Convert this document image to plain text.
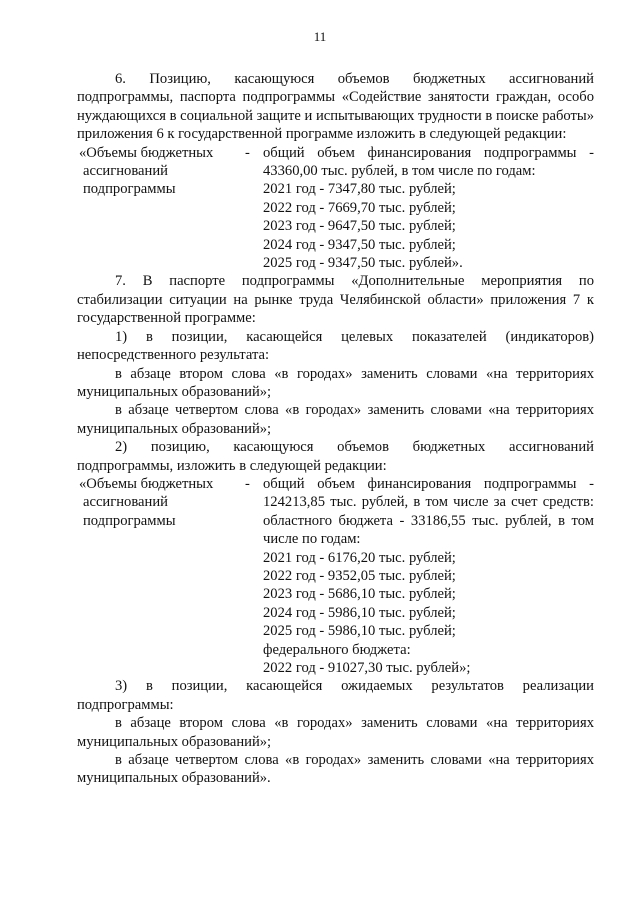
11

6. Позицию, касающуюся объемов бюджетных ассигнований

подпрограммы, паспорта подпрограммы «Содействие занятости граждан, особо нуждающихся в социальной защите и испытывающих трудности в поиске работы» приложения 6 к государственной программе изложить в следующей редакции:

«Объемы бюджетных
ассигнований
подпрограммы
- общий объем финансирования подпрограммы -
43360,00 тыс. рублей, в том числе по годам:
2021 год - 7347,80 тыс. рублей;
2022 год - 7669,70 тыс. рублей;
2023 год - 9647,50 тыс. рублей;
2024 год - 9347,50 тыс. рублей;
2025 год - 9347,50 тыс. рублей».

7. В паспорте подпрограммы «Дополнительные мероприятия по стабилизации ситуации на рынке труда Челябинской области» приложения 7 к государственной программе:

1) в позиции, касающейся целевых показателей (индикаторов) непосредственного результата:

в абзаце втором слова «в городах» заменить словами «на территориях муниципальных образований»;

в абзаце четвертом слова «в городах» заменить словами «на территориях муниципальных образований»;

2) позицию, касающуюся объемов бюджетных ассигнований

подпрограммы, изложить в следующей редакции:

«Объемы бюджетных
ассигнований
подпрограммы
- общий объем финансирования подпрограммы -
124213,85 тыс. рублей, в том числе за счет средств:
областного бюджета - 33186,55 тыс. рублей, в том
числе по годам:
2021 год - 6176,20 тыс. рублей;
2022 год - 9352,05 тыс. рублей;
2023 год - 5686,10 тыс. рублей;
2024 год - 5986,10 тыс. рублей;
2025 год - 5986,10 тыс. рублей;
федерального бюджета:
2022 год - 91027,30 тыс. рублей»;

3) в позиции, касающейся ожидаемых результатов реализации подпрограммы:

в абзаце втором слова «в городах» заменить словами «на территориях муниципальных образований»;

в абзаце четвертом слова «в городах» заменить словами «на территориях муниципальных образований».
